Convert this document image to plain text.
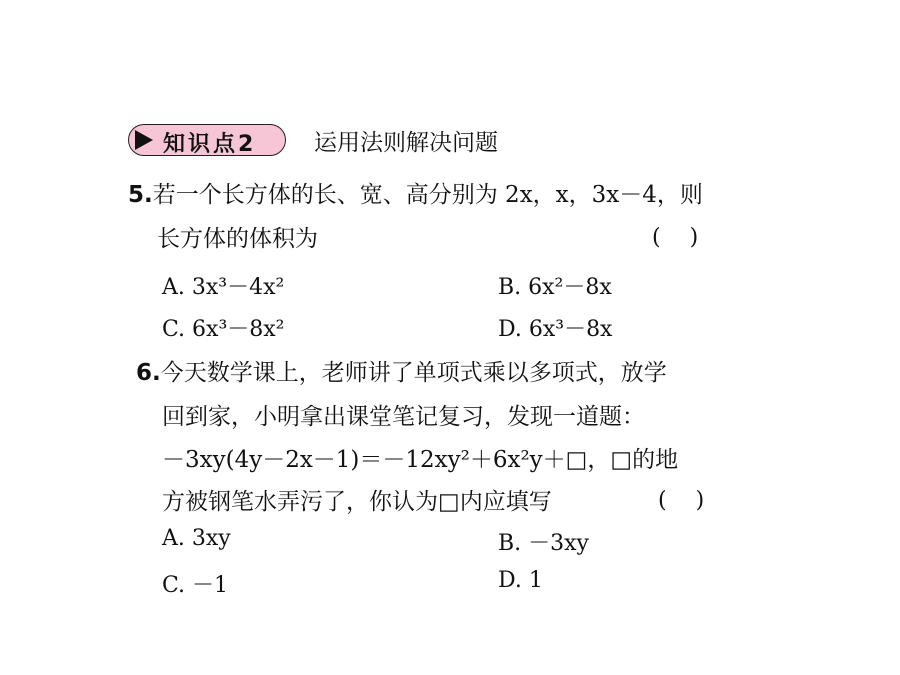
知识点2	运用法则解决问题
5.若一个长方体的长、宽、高分别为 2x，x，3x－4，则
长方体的体积为	(　 )
A. 3x³－4x²	B. 6x²－8x
C. 6x³－8x²	D. 6x³－8x
6.今天数学课上，老师讲了单项式乘以多项式，放学
回到家，小明拿出课堂笔记复习，发现一道题：
－3xy(4y－2x－1)＝－12xy²＋6x²y＋□，□的地
方被钢笔水弄污了，你认为□内应填写	(　 )
A. 3xy	B. －3xy
C. －1	D. 1
